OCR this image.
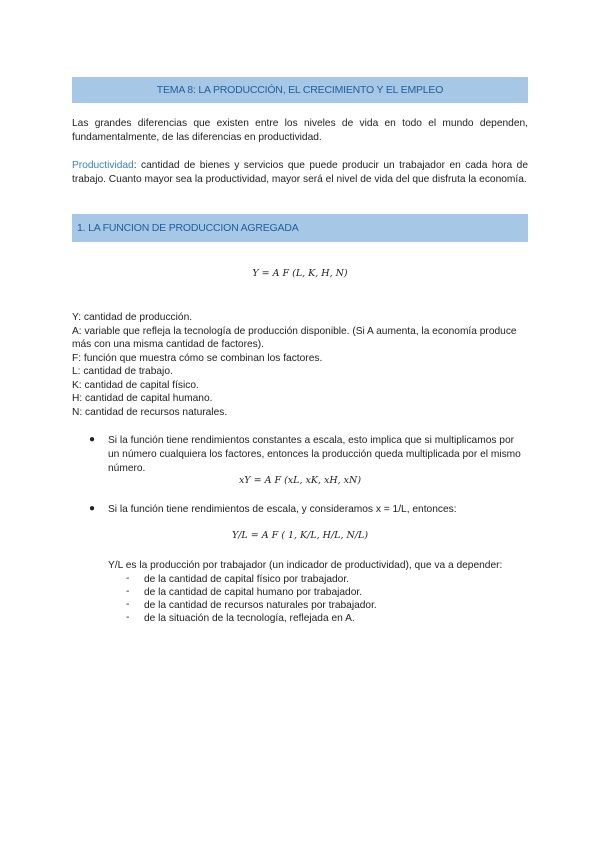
TEMA 8: LA PRODUCCIÓN, EL CRECIMIENTO Y EL EMPLEO

Las grandes diferencias que existen entre los niveles de vida en todo el mundo dependen, fundamentalmente, de las diferencias en productividad.

Productividad: cantidad de bienes y servicios que puede producir un trabajador en cada hora de trabajo. Cuanto mayor sea la productividad, mayor será el nivel de vida del que disfruta la economía.

1. LA FUNCION DE PRODUCCION AGREGADA
Y = A F (L, K, H, N)

Y: cantidad de producción.

A: variable que refleja la tecnología de producción disponible. (Si A aumenta, la economía produce más con una misma cantidad de factores).

F: función que muestra cómo se combinan los factores.

L: cantidad de trabajo.

K: cantidad de capital físico.

H: cantidad de capital humano.

N: cantidad de recursos naturales.

● Si la función tiene rendimientos constantes a escala, esto implica que si multiplicamos por un número cualquiera los factores, entonces la producción queda multiplicada por el mismo número.

xY = A F (xL, xK, xH, xN)
● Si la función tiene rendimientos de escala, y consideramos x = 1/L, entonces:

Y/L = A F ( 1, K/L, H/L, N/L)

Y/L es la producción por trabajador (un indicador de productividad), que va a depender:

- de la cantidad de capital físico por trabajador.

- de la cantidad de capital humano por trabajador.

- de la cantidad de recursos naturales por trabajador.

- de la situación de la tecnología, reflejada en A.
